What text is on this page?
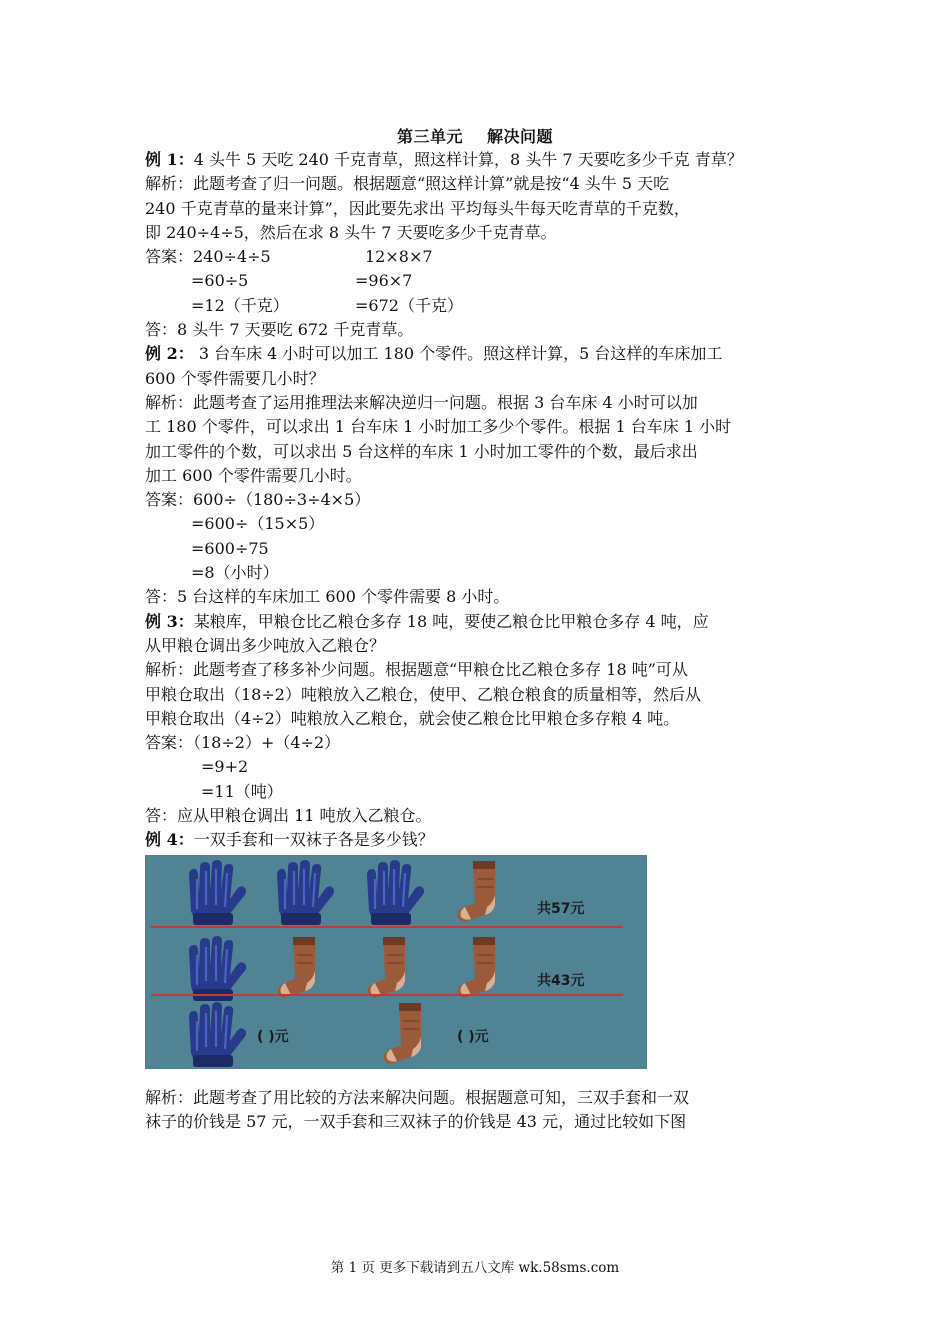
第三单元 解决问题
例 1：4 头牛 5 天吃 240 千克青草，照这样计算，8 头牛 7 天要吃多少千克 青草？
解析：此题考查了归一问题。根据题意“照这样计算”就是按“4 头牛 5 天吃
240 千克青草的量来计算”，因此要先求出 平均每头牛每天吃青草的千克数，
即 240÷4÷5，然后在求 8 头牛 7 天要吃多少千克青草。
答案：240÷4÷5	12×8×7
=60÷5	=96×7
=12（千克）	=672（千克）
答：8 头牛 7 天要吃 672 千克青草。
例 2： 3 台车床 4 小时可以加工 180 个零件。照这样计算，5 台这样的车床加工
600 个零件需要几小时？
解析：此题考查了运用推理法来解决逆归一问题。根据 3 台车床 4 小时可以加
工 180 个零件，可以求出 1 台车床 1 小时加工多少个零件。根据 1 台车床 1 小时
加工零件的个数，可以求出 5 台这样的车床 1 小时加工零件的个数，最后求出
加工 600 个零件需要几小时。
答案：600÷（180÷3÷4×5）
=600÷（15×5）
=600÷75
=8（小时）
答：5 台这样的车床加工 600 个零件需要 8 小时。
例 3：某粮库，甲粮仓比乙粮仓多存 18 吨，要使乙粮仓比甲粮仓多存 4 吨，应
从甲粮仓调出多少吨放入乙粮仓？
解析：此题考查了移多补少问题。根据题意“甲粮仓比乙粮仓多存 18 吨”可从
甲粮仓取出（18÷2）吨粮放入乙粮仓，使甲、乙粮仓粮食的质量相等，然后从
甲粮仓取出（4÷2）吨粮放入乙粮仓，就会使乙粮仓比甲粮仓多存粮 4 吨。
答案：（18÷2）+（4÷2）
=9+2
=11（吨）
答：应从甲粮仓调出 11 吨放入乙粮仓。
例 4：一双手套和一双袜子各是多少钱？
共57元
共43元
( )元	( )元
解析：此题考查了用比较的方法来解决问题。根据题意可知，三双手套和一双
袜子的价钱是 57 元，一双手套和三双袜子的价钱是 43 元，通过比较如下图
第 1 页 更多下载请到五八文库 wk.58sms.com
